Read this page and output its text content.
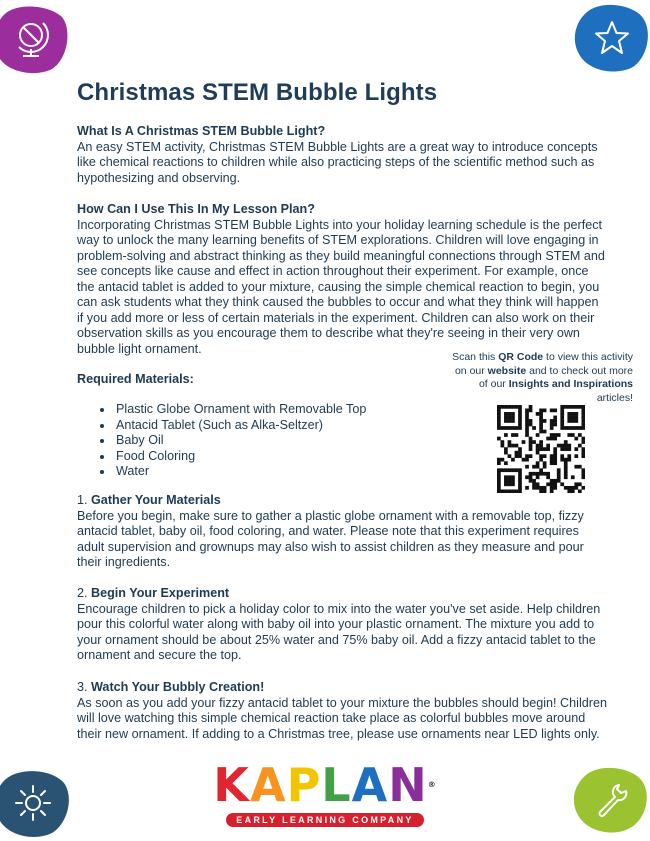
Christmas STEM Bubble Lights
What Is A Christmas STEM Bubble Light?

An easy STEM activity, Christmas STEM Bubble Lights are a great way to introduce concepts like chemical reactions to children while also practicing steps of the scientific method such as hypothesizing and observing.

How Can I Use This In My Lesson Plan?

Incorporating Christmas STEM Bubble Lights into your holiday learning schedule is the perfect way to unlock the many learning benefits of STEM explorations. Children will love engaging in problem-solving and abstract thinking as they build meaningful connections through STEM and see concepts like cause and effect in action throughout their experiment. For example, once the antacid tablet is added to your mixture, causing the simple chemical reaction to begin, you can ask students what they think caused the bubbles to occur and what they think will happen if you add more or less of certain materials in the experiment. Children can also work on their observation skills as you encourage them to describe what they're seeing in their very own bubble light ornament.

Required Materials:
• Plastic Globe Ornament with Removable Top
• Antacid Tablet (Such as Alka-Seltzer)
• Baby Oil
• Food Coloring
• Water
Scan this QR Code to view this activity on our website and to check out more of our Insights and Inspirations articles!
1. Gather Your Materials

Before you begin, make sure to gather a plastic globe ornament with a removable top, fizzy antacid tablet, baby oil, food coloring, and water. Please note that this experiment requires adult supervision and grownups may also wish to assist children as they measure and pour their ingredients.

2. Begin Your Experiment

Encourage children to pick a holiday color to mix into the water you've set aside. Help children pour this colorful water along with baby oil into your plastic ornament. The mixture you add to your ornament should be about 25% water and 75% baby oil. Add a fizzy antacid tablet to the ornament and secure the top.

3. Watch Your Bubbly Creation!

As soon as you add your fizzy antacid tablet to your mixture the bubbles should begin! Children will love watching this simple chemical reaction take place as colorful bubbles move around their new ornament. If adding to a Christmas tree, please use ornaments near LED lights only.

KAPLAN®
EARLY LEARNING COMPANY
